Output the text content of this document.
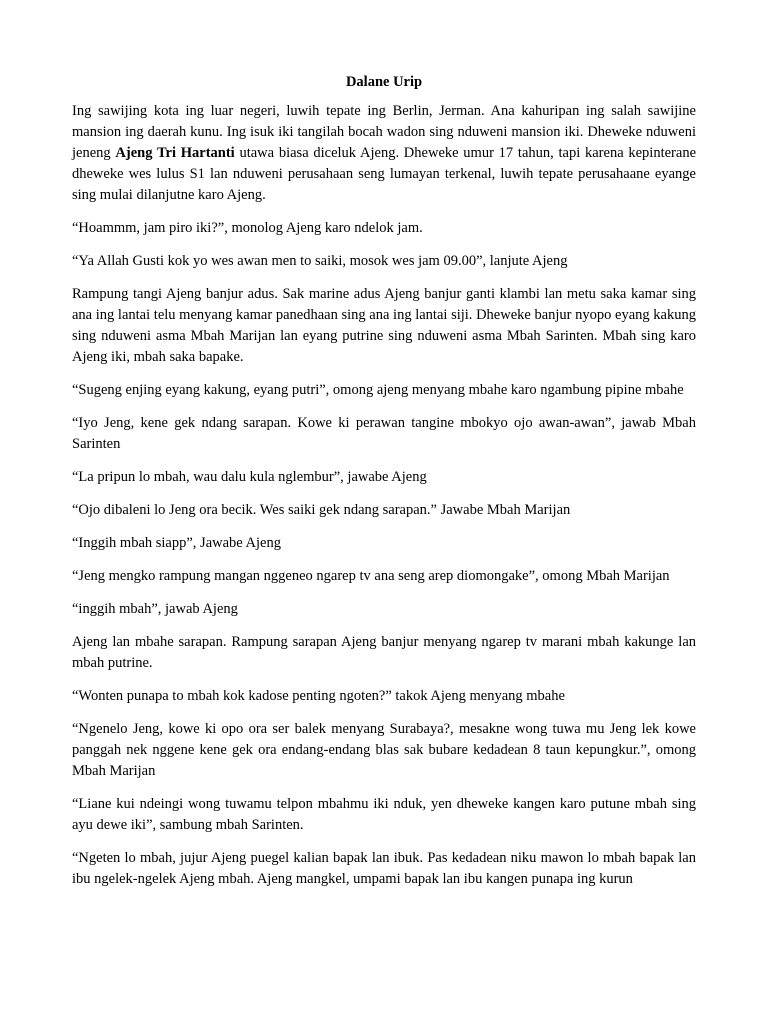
Dalane Urip

Ing sawijing kota ing luar negeri, luwih tepate ing Berlin, Jerman. Ana kahuripan ing salah sawijine mansion ing daerah kunu. Ing isuk iki tangilah bocah wadon sing nduweni mansion iki. Dheweke nduweni jeneng Ajeng Tri Hartanti utawa biasa diceluk Ajeng. Dheweke umur 17 tahun, tapi karena kepinterane dheweke wes lulus S1 lan nduweni perusahaan seng lumayan terkenal, luwih tepate perusahaane eyange sing mulai dilanjutne karo Ajeng.

“Hoammm, jam piro iki?”, monolog Ajeng karo ndelok jam.

“Ya Allah Gusti kok yo wes awan men to saiki, mosok wes jam 09.00”, lanjute Ajeng

Rampung tangi Ajeng banjur adus. Sak marine adus Ajeng banjur ganti klambi lan metu saka kamar sing ana ing lantai telu menyang kamar panedhaan sing ana ing lantai siji. Dheweke banjur nyopo eyang kakung sing nduweni asma Mbah Marijan lan eyang putrine sing nduweni asma Mbah Sarinten. Mbah sing karo Ajeng iki, mbah saka bapake.

“Sugeng enjing eyang kakung, eyang putri”, omong ajeng menyang mbahe karo ngambung pipine mbahe

“Iyo Jeng, kene gek ndang sarapan. Kowe ki perawan tangine mbokyo ojo awan-awan”, jawab Mbah Sarinten

“La pripun lo mbah, wau dalu kula nglembur”, jawabe Ajeng

“Ojo dibaleni lo Jeng ora becik. Wes saiki gek ndang sarapan.” Jawabe Mbah Marijan

“Inggih mbah siapp”, Jawabe Ajeng

“Jeng mengko rampung mangan nggeneo ngarep tv ana seng arep diomongake”, omong Mbah Marijan

“inggih mbah”, jawab Ajeng

Ajeng lan mbahe sarapan. Rampung sarapan Ajeng banjur menyang ngarep tv marani mbah kakunge lan mbah putrine.

“Wonten punapa to mbah kok kadose penting ngoten?” takok Ajeng menyang mbahe

“Ngenelo Jeng, kowe ki opo ora ser balek menyang Surabaya?, mesakne wong tuwa mu Jeng lek kowe panggah nek nggene kene gek ora endang-endang blas sak bubare kedadean 8 taun kepungkur.”, omong Mbah Marijan

“Liane kui ndeingi wong tuwamu telpon mbahmu iki nduk, yen dheweke kangen karo putune mbah sing ayu dewe iki”, sambung mbah Sarinten.

“Ngeten lo mbah, jujur Ajeng puegel kalian bapak lan ibuk. Pas kedadean niku mawon lo mbah bapak lan ibu ngelek-ngelek Ajeng mbah. Ajeng mangkel, umpami bapak lan ibu kangen punapa ing kurun
